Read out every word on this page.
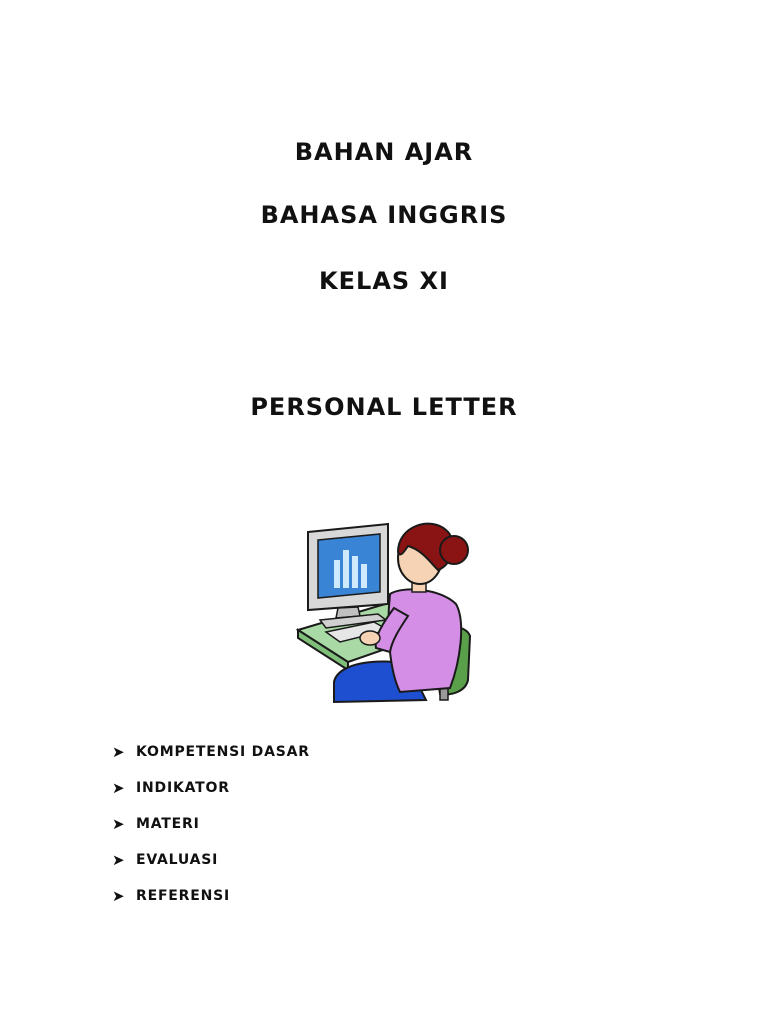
BAHAN AJAR
BAHASA INGGRIS
KELAS XI
PERSONAL LETTER
➤ KOMPETENSI DASAR
➤ INDIKATOR
➤ MATERI
➤ EVALUASI
➤ REFERENSI
